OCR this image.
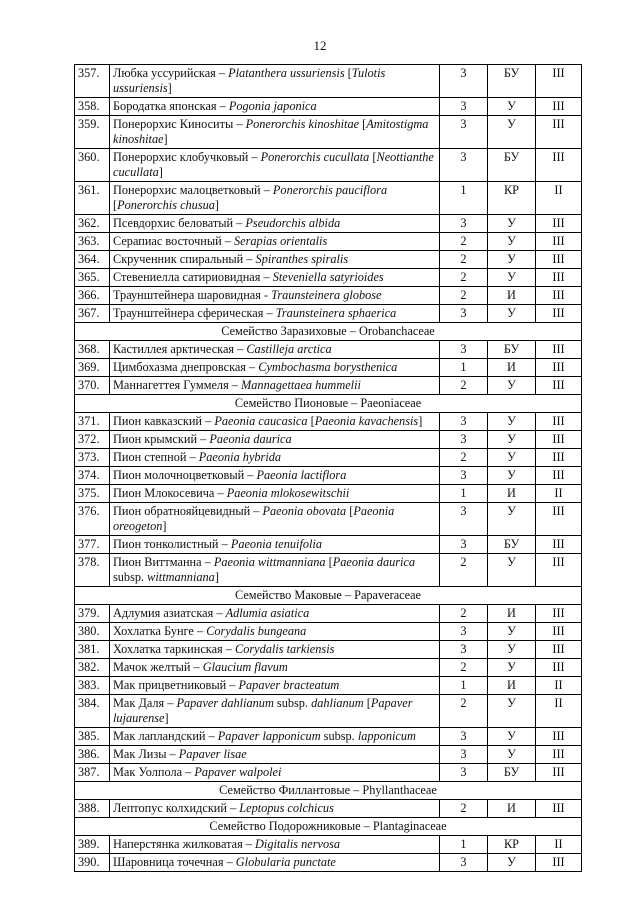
12
357.	Любка уссурийская – Platanthera ussuriensis [Tulotis ussuriensis]	3	БУ	III
358.	Бородатка японская – Pogonia japonica	3	У	III
359.	Понерорхис Киноситы – Ponerorchis kinoshitae [Amitostigma kinoshitae]	3	У	III
360.	Понерорхис клобучковый – Ponerorchis cucullata [Neottianthe cucullata]	3	БУ	III
361.	Понерорхис малоцветковый – Ponerorchis pauciflora [Ponerorchis chusua]	1	КР	II
362.	Псевдорхис беловатый – Pseudorchis albida	3	У	III
363.	Серапиас восточный – Serapias orientalis	2	У	III
364.	Скрученник спиральный – Spiranthes spiralis	2	У	III
365.	Стевениелла сатириовидная – Steveniella satyrioides	2	У	III
366.	Траунштейнера шаровидная - Traunsteinera globose	2	И	III
367.	Траунштейнера сферическая – Traunsteinera sphaerica	3	У	III
Семейство Заразиховые – Orobanchaceae				
368.	Кастиллея арктическая – Castilleja arctica	3	БУ	III
369.	Цимбохазма днепровская – Cymbochasma borysthenica	1	И	III
370.	Маннагеттея Гуммеля – Mannagettaea hummelii	2	У	III
Семейство Пионовые – Paeoniaceae				
371.	Пион кавказский – Paeonia caucasica [Paeonia kavachensis]	3	У	III
372.	Пион крымский – Paeonia daurica	3	У	III
373.	Пион степной – Paeonia hybrida	2	У	III
374.	Пион молочноцветковый – Paeonia lactiflora	3	У	III
375.	Пион Млокосевича – Paeonia mlokosewitschii	1	И	II
376.	Пион обратнояйцевидный – Paeonia obovata [Paeonia oreogeton]	3	У	III
377.	Пион тонколистный – Paeonia tenuifolia	3	БУ	III
378.	Пион Виттманна – Paeonia wittmanniana [Paeonia daurica subsp. wittmanniana]	2	У	III
Семейство Маковые – Papaveraceae				
379.	Адлумия азиатская – Adlumia asiatica	2	И	III
380.	Хохлатка Бунге – Corydalis bungeana	3	У	III
381.	Хохлатка таркинская – Corydalis tarkiensis	3	У	III
382.	Мачок желтый – Glaucium flavum	2	У	III
383.	Мак прицветниковый – Papaver bracteatum	1	И	II
384.	Мак Даля – Papaver dahlianum subsp. dahlianum [Papaver lujaurense]	2	У	II
385.	Мак лапландский – Papaver lapponicum subsp. lapponicum	3	У	III
386.	Мак Лизы – Papaver lisae	3	У	III
387.	Мак Уолпола – Papaver walpolei	3	БУ	III
Семейство Филлантовые – Phyllanthaceae				
388.	Лептопус колхидский – Leptopus colchicus	2	И	III
Семейство Подорожниковые – Plantaginaceae				
389.	Наперстянка жилковатая – Digitalis nervosa	1	КР	II
390.	Шаровница точечная – Globularia punctate	3	У	III
